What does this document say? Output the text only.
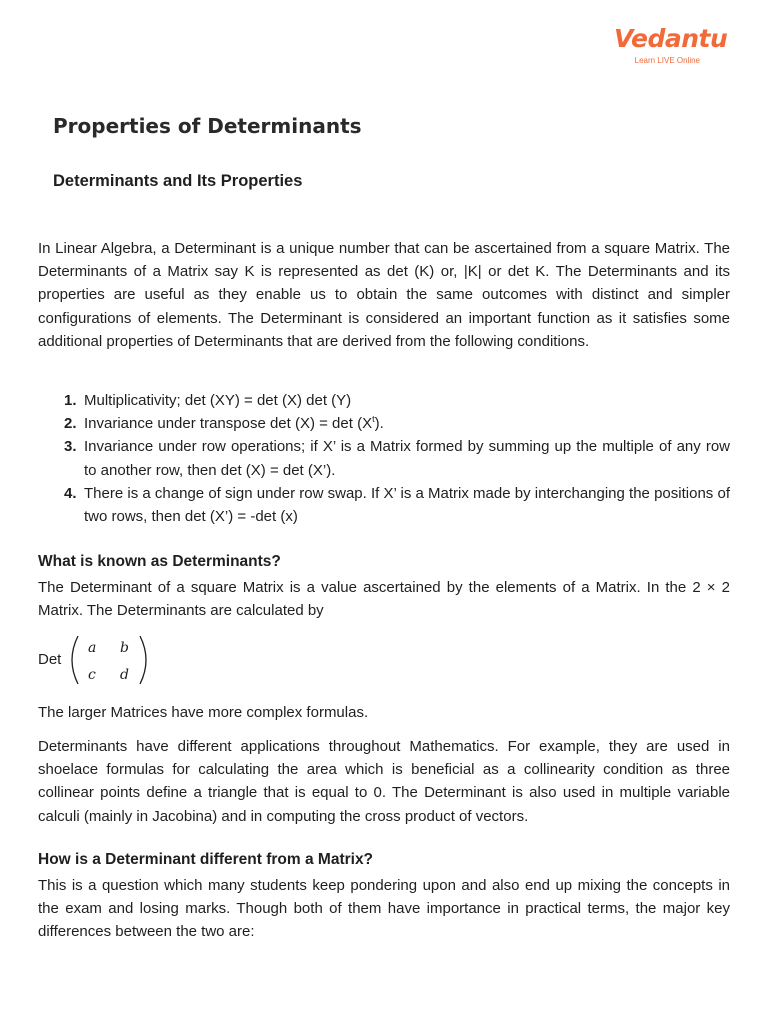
Vedantu
Learn LIVE Online
Properties of Determinants
Determinants and Its Properties

In Linear Algebra, a Determinant is a unique number that can be ascertained from a square Matrix. The Determinants of a Matrix say K is represented as det (K) or, |K| or det K. The Determinants and its properties are useful as they enable us to obtain the same outcomes with distinct and simpler configurations of elements. The Determinant is considered an important function as it satisfies some additional properties of Determinants that are derived from the following conditions.

1. Multiplicativity; det (XY) = det (X) det (Y)
2. Invariance under transpose $\det (X) = \det (X^t)$.
3. Invariance under row operations; if X’ is a Matrix formed by summing up the multiple of any row to another row, then det (X) = det (X’).
4. There is a change of sign under row swap. If X’ is a Matrix made by interchanging the positions of two rows, then det (X’) = -det (x)
What is known as Determinants?

The Determinant of a square Matrix is a value ascertained by the elements of a Matrix. In the 2 × 2 Matrix. The Determinants are calculated by

Det
a b
c d

The larger Matrices have more complex formulas.

Determinants have different applications throughout Mathematics. For example, they are used in shoelace formulas for calculating the area which is beneficial as a collinearity condition as three collinear points define a triangle that is equal to 0. The Determinant is also used in multiple variable calculi (mainly in Jacobina) and in computing the cross product of vectors.

How is a Determinant different from a Matrix?

This is a question which many students keep pondering upon and also end up mixing the concepts in the exam and losing marks. Though both of them have importance in practical terms, the major key differences between the two are:
